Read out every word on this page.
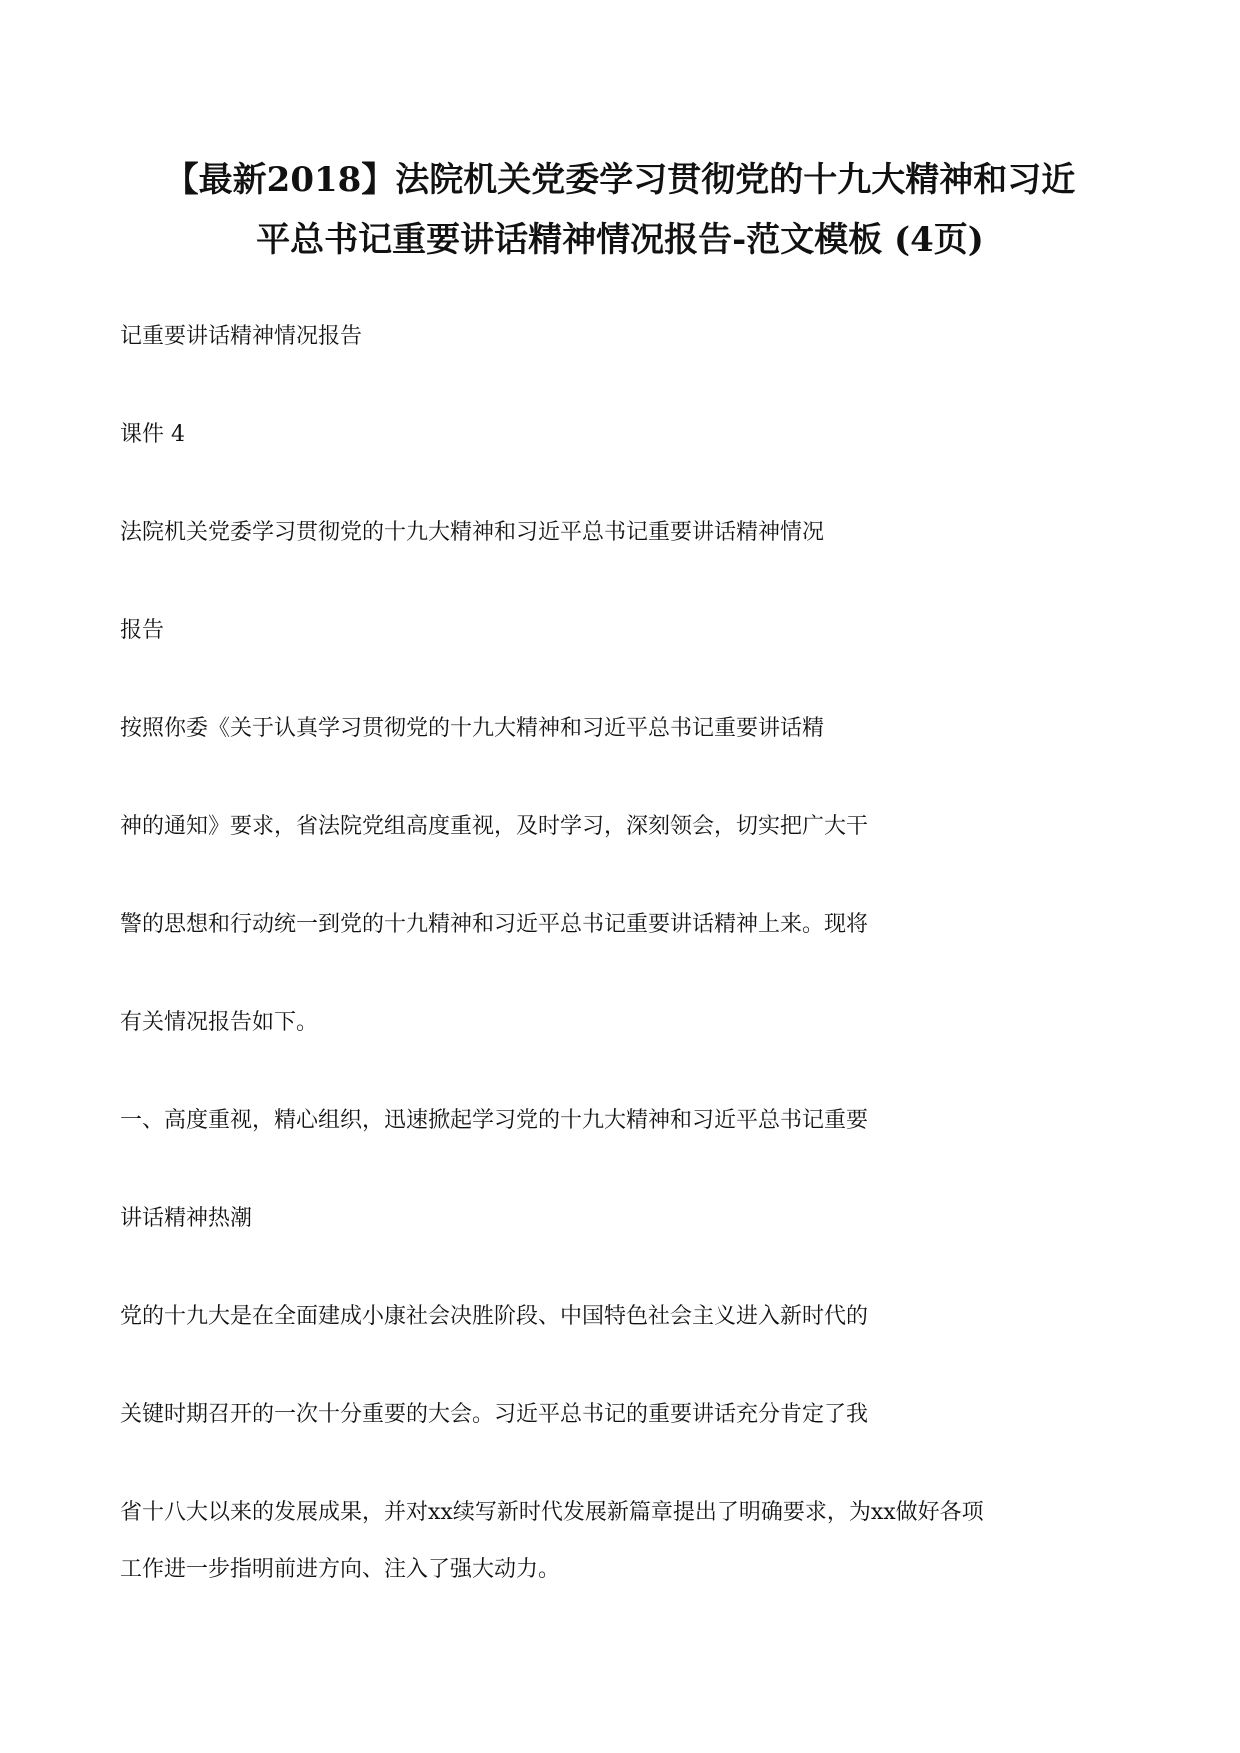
【最新2018】法院机关党委学习贯彻党的十九大精神和习近
平总书记重要讲话精神情况报告-范文模板 (4页)

记重要讲话精神情况报告

课件 4

法院机关党委学习贯彻党的十九大精神和习近平总书记重要讲话精神情况

报告

按照你委《关于认真学习贯彻党的十九大精神和习近平总书记重要讲话精

神的通知》要求，省法院党组高度重视，及时学习，深刻领会，切实把广大干

警的思想和行动统一到党的十九精神和习近平总书记重要讲话精神上来。现将

有关情况报告如下。

一、高度重视，精心组织，迅速掀起学习党的十九大精神和习近平总书记重要

讲话精神热潮

党的十九大是在全面建成小康社会决胜阶段、中国特色社会主义进入新时代的

关键时期召开的一次十分重要的大会。习近平总书记的重要讲话充分肯定了我

省十八大以来的发展成果，并对xx续写新时代发展新篇章提出了明确要求，为xx做好各项

工作进一步指明前进方向、注入了强大动力。
